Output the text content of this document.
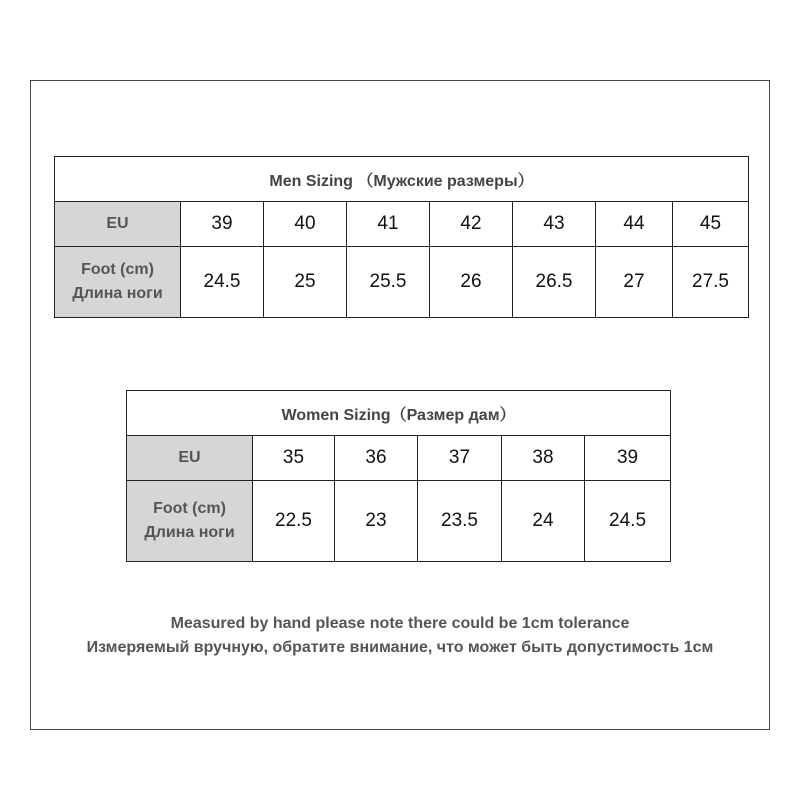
Men Sizing （Мужские размеры）							
EU	39	40	41	42	43	44	45

Foot (cm)
Длина ноги	24.5	25	25.5	26	26.5	27	27.5
Women Sizing（Размер дам）					
EU	35	36	37	38	39

Foot (cm)
Длина ноги	22.5	23	23.5	24	24.5
Measured by hand please note there could be 1cm tolerance
Измеряемый вручную, обратите внимание, что может быть допустимость 1см
